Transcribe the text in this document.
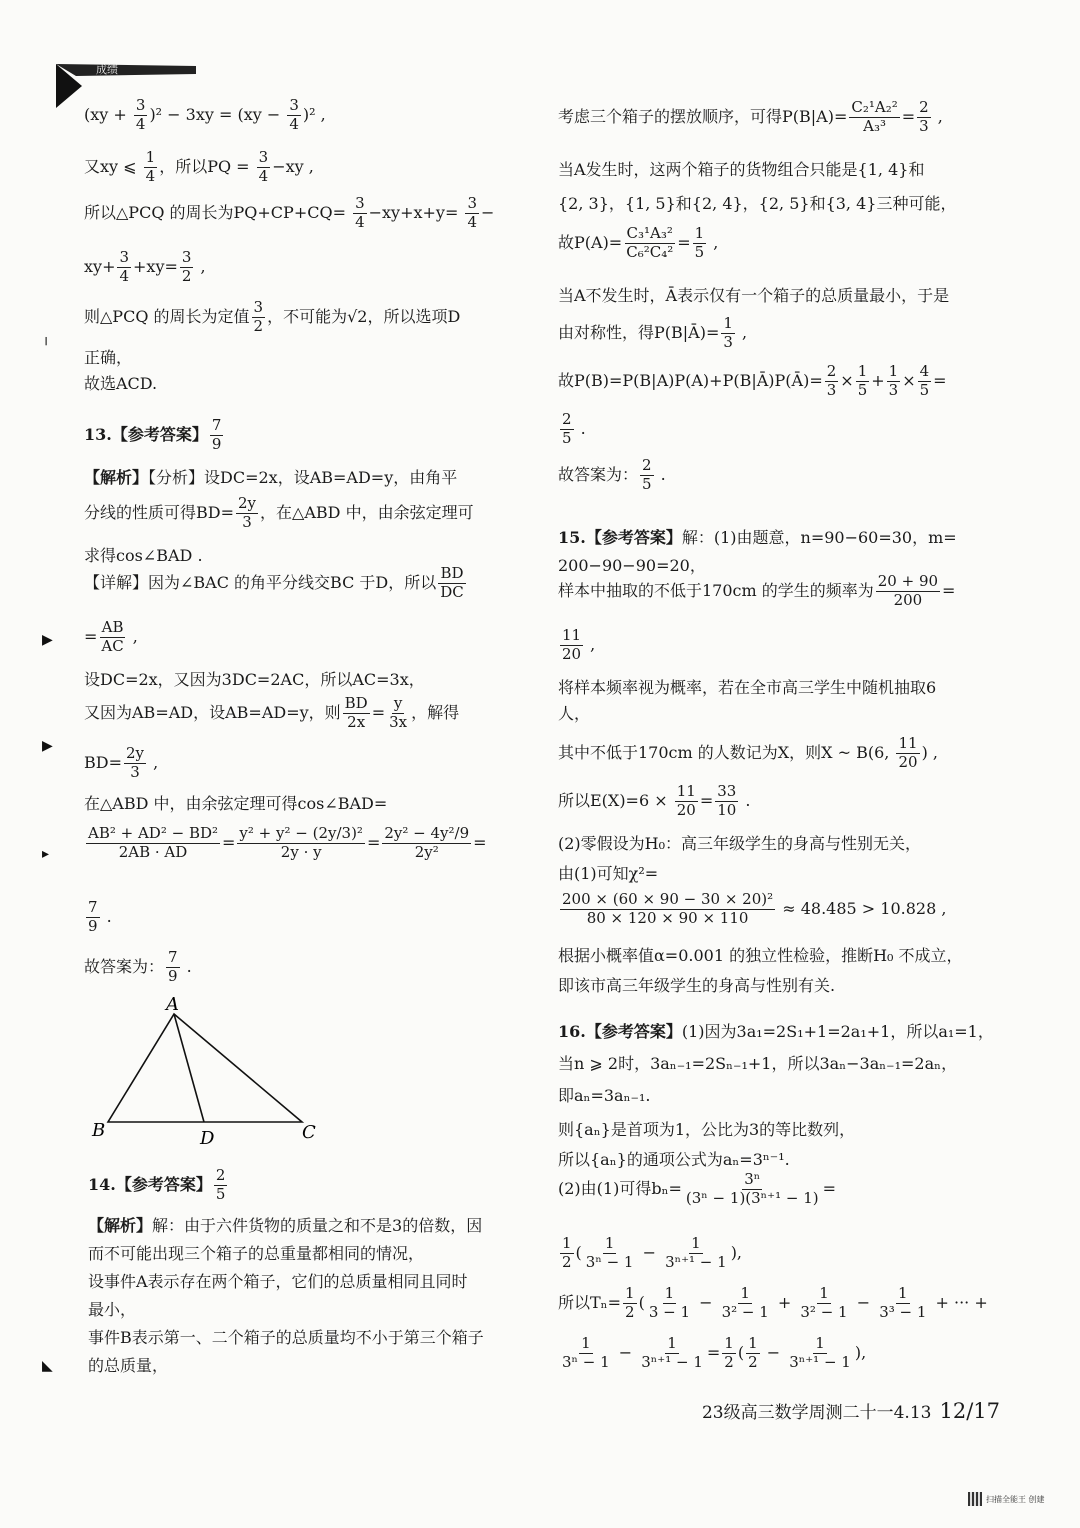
成绩
╵
▶
▶
▸
◣
$(xy + \frac{3}{4} )^2 - 3xy = (xy - \frac{3}{4} )^2$ ,
又xy ⩽ $\frac{1}{4}$ ，所以PQ = $\frac{3}{4} -xy$ ,
所以△PCQ 的周长为$PQ+CP+CQ= \frac{3}{4} -xy+x+y= \frac{3}{4}$ −
$xy+ \frac{3}{4} +xy= \frac{3}{2}$ ,
则△PCQ 的周长为定值 $\frac{3}{2}$ ，不可能为√2，所以选项D
正确，
故选ACD.
13.【参考答案】 $\frac{7}{9}$
【解析】【分析】设DC=2x，设AB=AD=y，由角平
分线的性质可得$BD= \frac{2y}{3}$ ，在△ABD 中，由余弦定理可
求得cos∠BAD .
【详解】因为∠BAC 的角平分线交BC 于D，所以 $\frac{BD}{DC}$
= $\frac{AB}{AC}$ ,
设DC=2x，又因为3DC=2AC，所以AC=3x，
又因为AB=AD，设AB=AD=y，则 $\frac{BD}{2x} = \frac{y}{3x}$ ，解得
$BD= \frac{2y}{3}$ ,
在△ABD 中，由余弦定理可得cos∠BAD=
$\frac{\text{AB² + AD² − BD²}}{2AB \cdot AD} = \frac{\text{y² + y² − (2y/3)²}}{2y \cdot y} = \frac{\text{2y² − 4y²/9}}{\text{2y²}}$ =
$\frac{7}{9}$ .
故答案为： $\frac{7}{9}$ .
A
B	D	C
14.【参考答案】 $\frac{2}{5}$
【解析】解：由于六件货物的质量之和不是3的倍数，因
而不可能出现三个箱子的总重量都相同的情况，
设事件A表示存在两个箱子，它们的总质量相同且同时
最小，
事件B表示第一、二个箱子的总质量均不小于第三个箱子
的总质量，
考虑三个箱子的摆放顺序，可得$P(B|A)= \frac{\text{C₂¹A₂²}}{\text{A₃³}} = \frac{2}{3}$ ,
当A发生时，这两个箱子的货物组合只能是{1, 4}和
{2, 3}，{1, 5}和{2, 4}，{2, 5}和{3, 4}三种可能，
故$P(A)= \frac{\text{C₃¹A₃²}}{\text{C₆²C₄²}} = \frac{1}{5}$ ,
当A不发生时，Ā表示仅有一个箱子的总质量最小，于是
由对称性，得P(B|Ā)= $\frac{1}{3}$ ,
故P(B)=P(B|A)P(A)+P(B|Ā)P(Ā)= $\frac{2}{3} \times \frac{1}{5} + \frac{1}{3} \times \frac{4}{5}$ =
$\frac{2}{5}$ .
故答案为： $\frac{2}{5}$ .
15.【参考答案】解：(1)由题意，n=90−60=30，m=
200−90−90=20，
样本中抽取的不低于170cm 的学生的频率为 $\frac{20 + 90}{200}$ =
$\frac{11}{20}$ ,
将样本频率视为概率，若在全市高三学生中随机抽取6
人，
其中不低于170cm 的人数记为X，则X ~ B(6, $\frac{11}{20}$ ) ,
所以$E(X)=6 \times \frac{11}{20} = \frac{33}{10}$ .
(2)零假设为H₀：高三年级学生的身高与性别无关，
由(1)可知χ²=
$\frac{\text{200 × (60 × 90 − 30 × 20)²}}{80 \times 120 \times 90 \times 110} \approx 48.485 > 10.828$ ,
根据小概率值α=0.001 的独立性检验，推断H₀ 不成立，
即该市高三年级学生的身高与性别有关.
16.【参考答案】(1)因为3a₁=2S₁+1=2a₁+1，所以a₁=1，
当n ⩾ 2时，3aₙ₋₁=2Sₙ₋₁+1，所以3aₙ−3aₙ₋₁=2aₙ，
即aₙ=3aₙ₋₁.
则{aₙ}是首项为1，公比为3的等比数列，
所以{aₙ}的通项公式为aₙ=3ⁿ⁻¹.
(2)由(1)可得$b_n= \frac{\text{3ⁿ}}{\text{(3ⁿ − 1)(3ⁿ⁺¹ − 1)}}$ =
$\frac{1}{2}$ ( $\frac{1}{\text{3ⁿ − 1}} - \frac{1}{\text{3ⁿ⁺¹ − 1}}$ ),
所以$T_n= \frac{1}{2}$ ( $\frac{1}{3 - 1} - \frac{1}{\text{3² − 1}} + \frac{1}{\text{3² − 1}} - \frac{1}{\text{3³ − 1}}$ + ··· +
$\frac{1}{\text{3ⁿ − 1}} - \frac{1}{\text{3ⁿ⁺¹ − 1}} = \frac{1}{2}$ ( $\frac{1}{2} - \frac{1}{\text{3ⁿ⁺¹ − 1}}$ ),
23级高三数学周测二十一4.13 12/17
扫描全能王 创建
